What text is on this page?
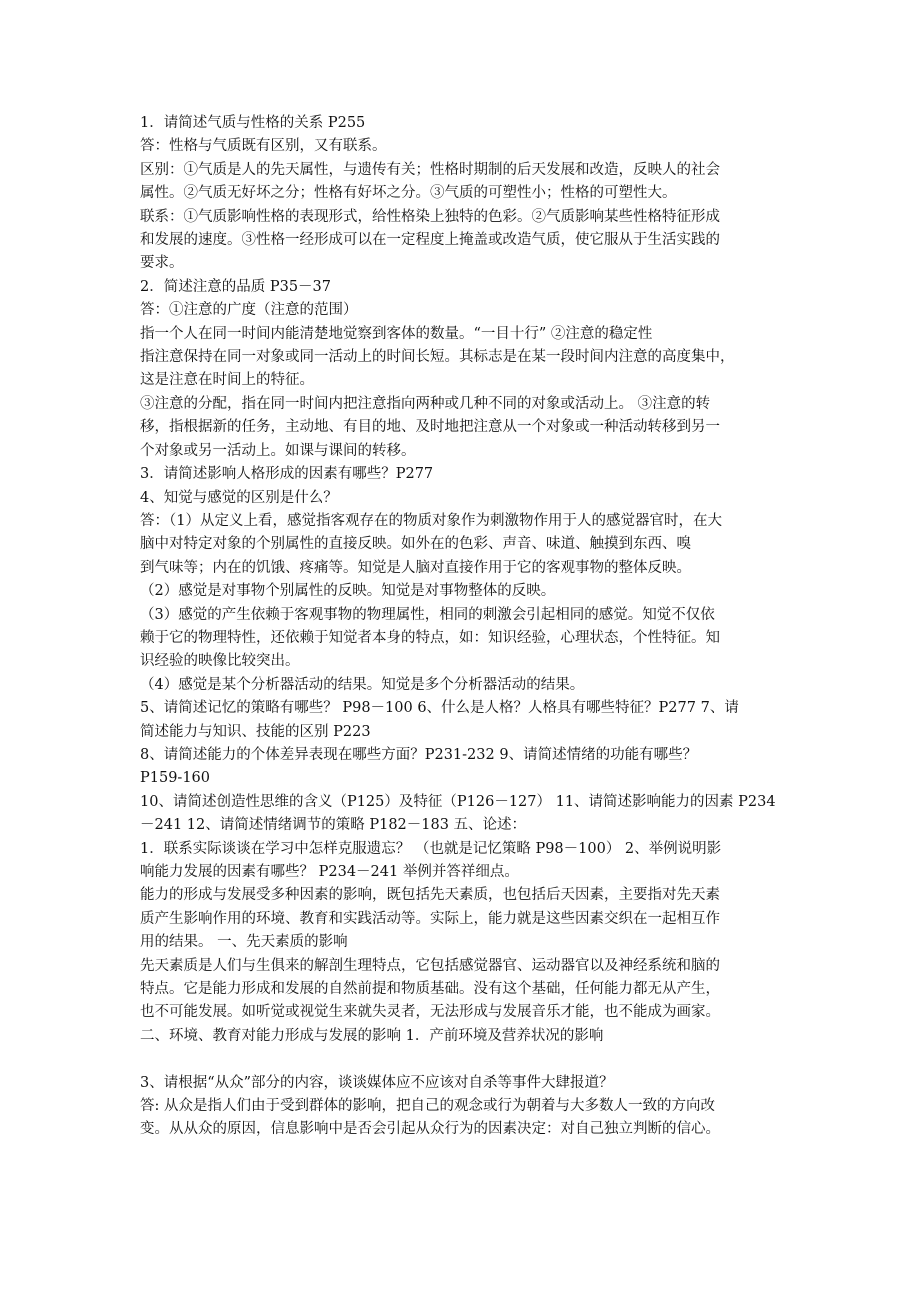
1．请简述气质与性格的关系 P255
答：性格与气质既有区别，又有联系。
区别：①气质是人的先天属性，与遗传有关；性格时期制的后天发展和改造，反映人的社会
属性。②气质无好坏之分；性格有好坏之分。③气质的可塑性小；性格的可塑性大。
联系：①气质影响性格的表现形式，给性格染上独特的色彩。②气质影响某些性格特征形成
和发展的速度。③性格一经形成可以在一定程度上掩盖或改造气质，使它服从于生活实践的
要求。
2．简述注意的品质 P35－37
答：①注意的广度（注意的范围）
指一个人在同一时间内能清楚地觉察到客体的数量。“一目十行” ②注意的稳定性
指注意保持在同一对象或同一活动上的时间长短。其标志是在某一段时间内注意的高度集中，
这是注意在时间上的特征。
③注意的分配，指在同一时间内把注意指向两种或几种不同的对象或活动上。 ③注意的转
移，指根据新的任务，主动地、有目的地、及时地把注意从一个对象或一种活动转移到另一
个对象或另一活动上。如课与课间的转移。
3．请简述影响人格形成的因素有哪些？P277
4、知觉与感觉的区别是什么？
答：（1）从定义上看，感觉指客观存在的物质对象作为刺激物作用于人的感觉器官时，在大
脑中对特定对象的个别属性的直接反映。如外在的色彩、声音、味道、触摸到东西、嗅
到气味等；内在的饥饿、疼痛等。知觉是人脑对直接作用于它的客观事物的整体反映。
（2）感觉是对事物个别属性的反映。知觉是对事物整体的反映。
（3）感觉的产生依赖于客观事物的物理属性，相同的刺激会引起相同的感觉。知觉不仅依
赖于它的物理特性，还依赖于知觉者本身的特点，如：知识经验，心理状态，个性特征。知
识经验的映像比较突出。
（4）感觉是某个分析器活动的结果。知觉是多个分析器活动的结果。
5、请简述记忆的策略有哪些？ P98－100 6、什么是人格？人格具有哪些特征？P277 7、请
简述能力与知识、技能的区别 P223
8、请简述能力的个体差异表现在哪些方面？P231-232 9、请简述情绪的功能有哪些？
P159-160
10、请简述创造性思维的含义（P125）及特征（P126－127） 11、请简述影响能力的因素 P234
－241 12、请简述情绪调节的策略 P182－183 五、论述：
1．联系实际谈谈在学习中怎样克服遗忘？ （也就是记忆策略 P98－100） 2、举例说明影
响能力发展的因素有哪些？ P234－241 举例并答祥细点。
能力的形成与发展受多种因素的影响，既包括先天素质，也包括后天因素，主要指对先天素
质产生影响作用的环境、教育和实践活动等。实际上，能力就是这些因素交织在一起相互作
用的结果。 一、先天素质的影响
先天素质是人们与生俱来的解剖生理特点，它包括感觉器官、运动器官以及神经系统和脑的
特点。它是能力形成和发展的自然前提和物质基础。没有这个基础，任何能力都无从产生，
也不可能发展。如听觉或视觉生来就失灵者，无法形成与发展音乐才能，也不能成为画家。
二、环境、教育对能力形成与发展的影响 1．产前环境及营养状况的影响
3、请根据“从众”部分的内容，谈谈媒体应不应该对自杀等事件大肆报道？
答: 从众是指人们由于受到群体的影响，把自己的观念或行为朝着与大多数人一致的方向改
变。从从众的原因，信息影响中是否会引起从众行为的因素决定：对自己独立判断的信心。
